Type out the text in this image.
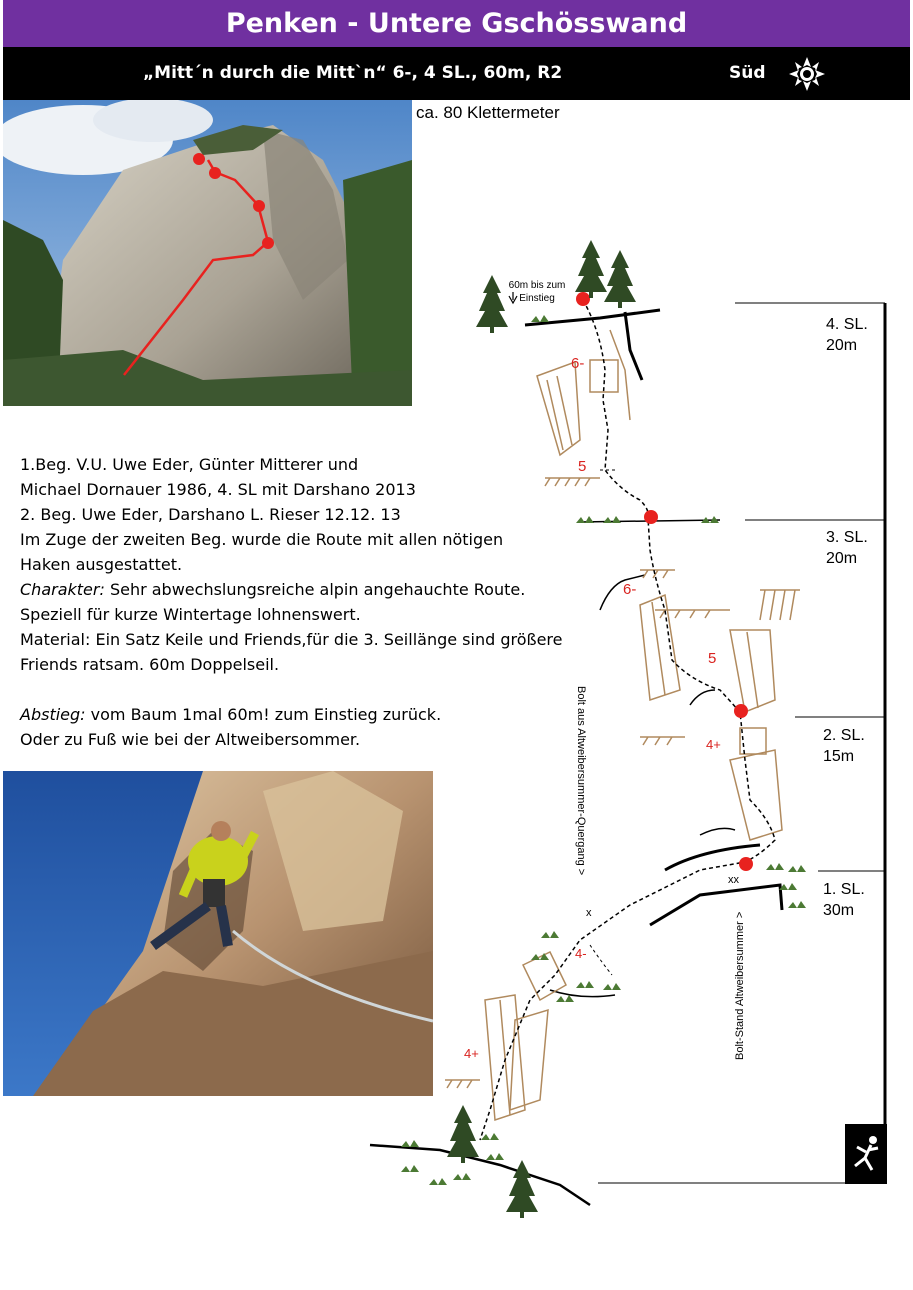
Penken - Untere Gschösswand
„Mitt´n durch die Mitt`n“ 6-, 4 SL., 60m, R2	Süd
ca. 80 Klettermeter
1.Beg. V.U. Uwe Eder, Günter Mitterer und
Michael Dornauer 1986, 4. SL mit Darshano 2013
2. Beg. Uwe Eder, Darshano L. Rieser 12.12. 13
Im Zuge der zweiten Beg. wurde die Route mit allen nötigen
Haken ausgestattet.
Charakter: Sehr abwechslungsreiche alpin angehauchte Route.
Speziell für kurze Wintertage lohnenswert.
Material: Ein Satz Keile und Friends,für die 3. Seillänge sind größere
Friends ratsam. 60m Doppelseil.
Abstieg: vom Baum 1mal 60m! zum Einstieg zurück.
Oder zu Fuß wie bei der Altweibersommer.
xx
x
60m bis zum
Einstieg
4. SL.
20m
3. SL.
20m
2. SL.
15m
1. SL.
30m
6-
5
6-
5
4+
4-
4+
Bolt aus Altweibersummer-Quergang >
Bolt-Stand Altweibersummer >
